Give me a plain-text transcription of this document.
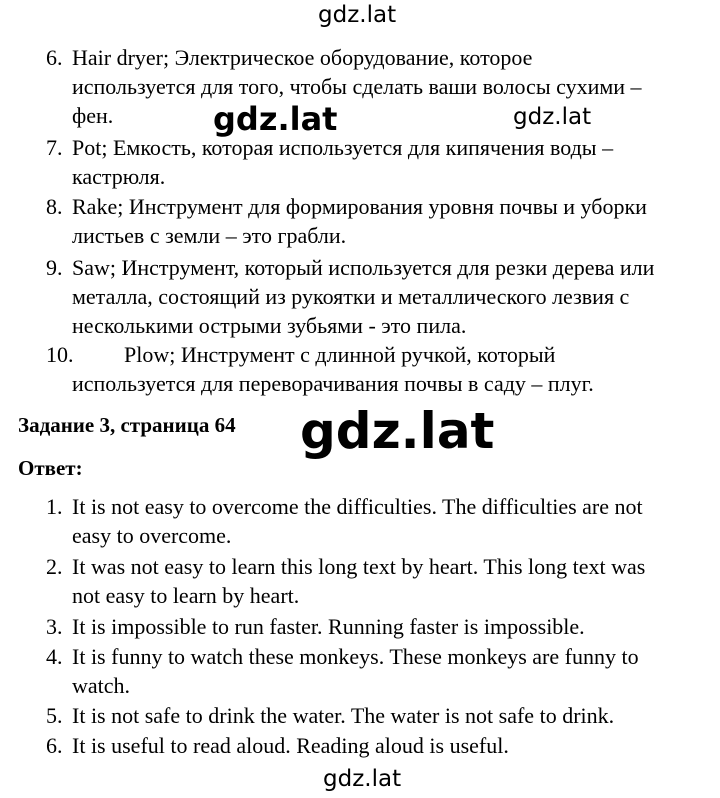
gdz.lat
gdz.lat	gdz.lat
gdz.lat
gdz.lat
6. Hair dryer; Электрическое оборудование, которое
используется для того, чтобы сделать ваши волосы сухими –
фен.
7. Pot; Емкость, которая используется для кипячения воды –
кастрюля.
8. Rake; Инструмент для формирования уровня почвы и уборки
листьев с земли – это грабли.
9. Saw; Инструмент, который используется для резки дерева или
металла, состоящий из рукоятки и металлического лезвия с
несколькими острыми зубьями - это пила.
10. Plow; Инструмент с длинной ручкой, который
используется для переворачивания почвы в саду – плуг.
Задание 3, страница 64
Ответ:
1. It is not easy to overcome the difficulties. The difficulties are not
easy to overcome.
2. It was not easy to learn this long text by heart. This long text was
not easy to learn by heart.
3. It is impossible to run faster. Running faster is impossible.
4. It is funny to watch these monkeys. These monkeys are funny to
watch.
5. It is not safe to drink the water. The water is not safe to drink.
6. It is useful to read aloud. Reading aloud is useful.
